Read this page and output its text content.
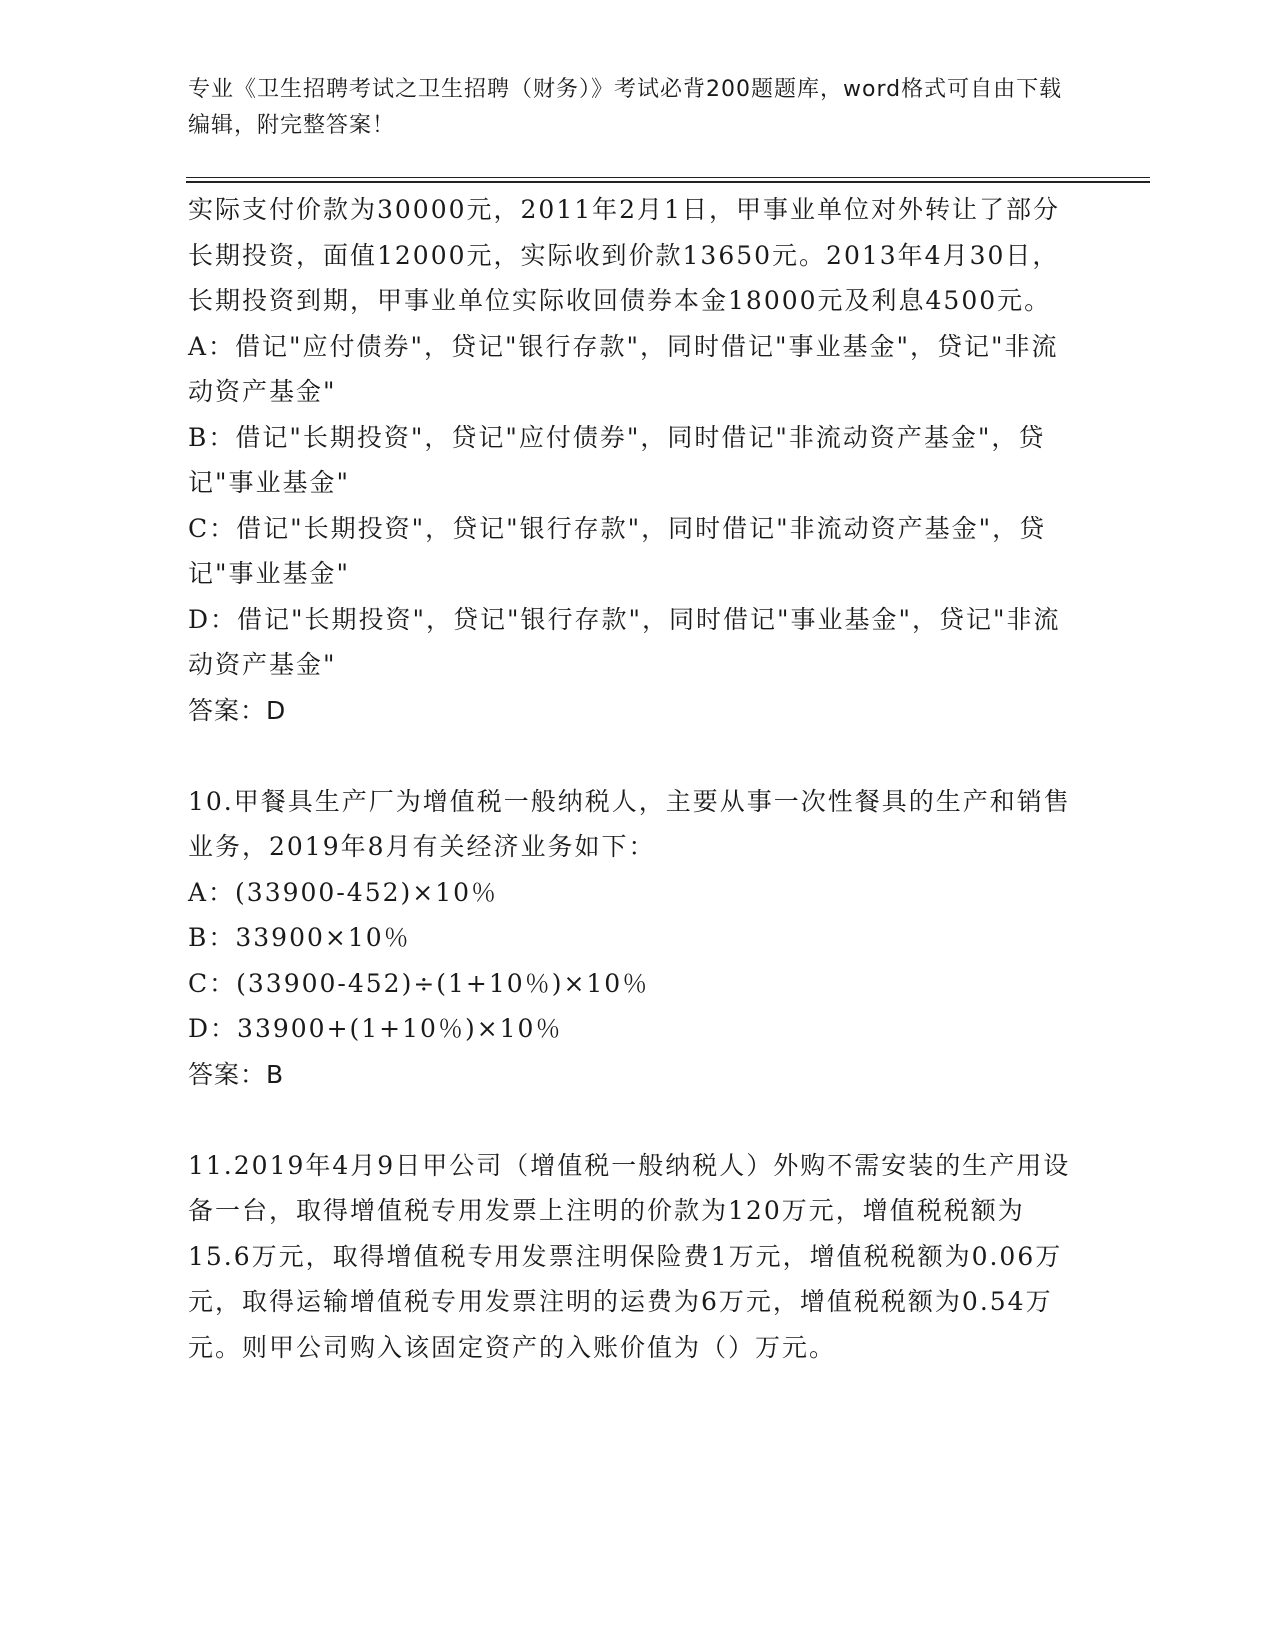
专业《卫生招聘考试之卫生招聘（财务）》考试必背200题题库，word格式可自由下载编辑，附完整答案！

实际支付价款为30000元，2011年2月1日，甲事业单位对外转让了部分长期投资，面值12000元，实际收到价款13650元。2013年4月30日，长期投资到期，甲事业单位实际收回债券本金18000元及利息4500元。

A：借记"应付债券"，贷记"银行存款"，同时借记"事业基金"，贷记"非流动资产基金"

B：借记"长期投资"，贷记"应付债券"，同时借记"非流动资产基金"，贷记"事业基金"

C：借记"长期投资"，贷记"银行存款"，同时借记"非流动资产基金"，贷记"事业基金"

D：借记"长期投资"，贷记"银行存款"，同时借记"事业基金"，贷记"非流动资产基金"

答案：D

10.甲餐具生产厂为增值税一般纳税人，主要从事一次性餐具的生产和销售业务，2019年8月有关经济业务如下：

A：(33900-452)×10％

B：33900×10％

C：(33900-452)÷(1+10％)×10％

D：33900+(1+10％)×10％

答案：B

11.2019年4月9日甲公司（增值税一般纳税人）外购不需安装的生产用设备一台，取得增值税专用发票上注明的价款为120万元，增值税税额为15.6万元，取得增值税专用发票注明保险费1万元，增值税税额为0.06万元，取得运输增值税专用发票注明的运费为6万元，增值税税额为0.54万元。则甲公司购入该固定资产的入账价值为（）万元。
